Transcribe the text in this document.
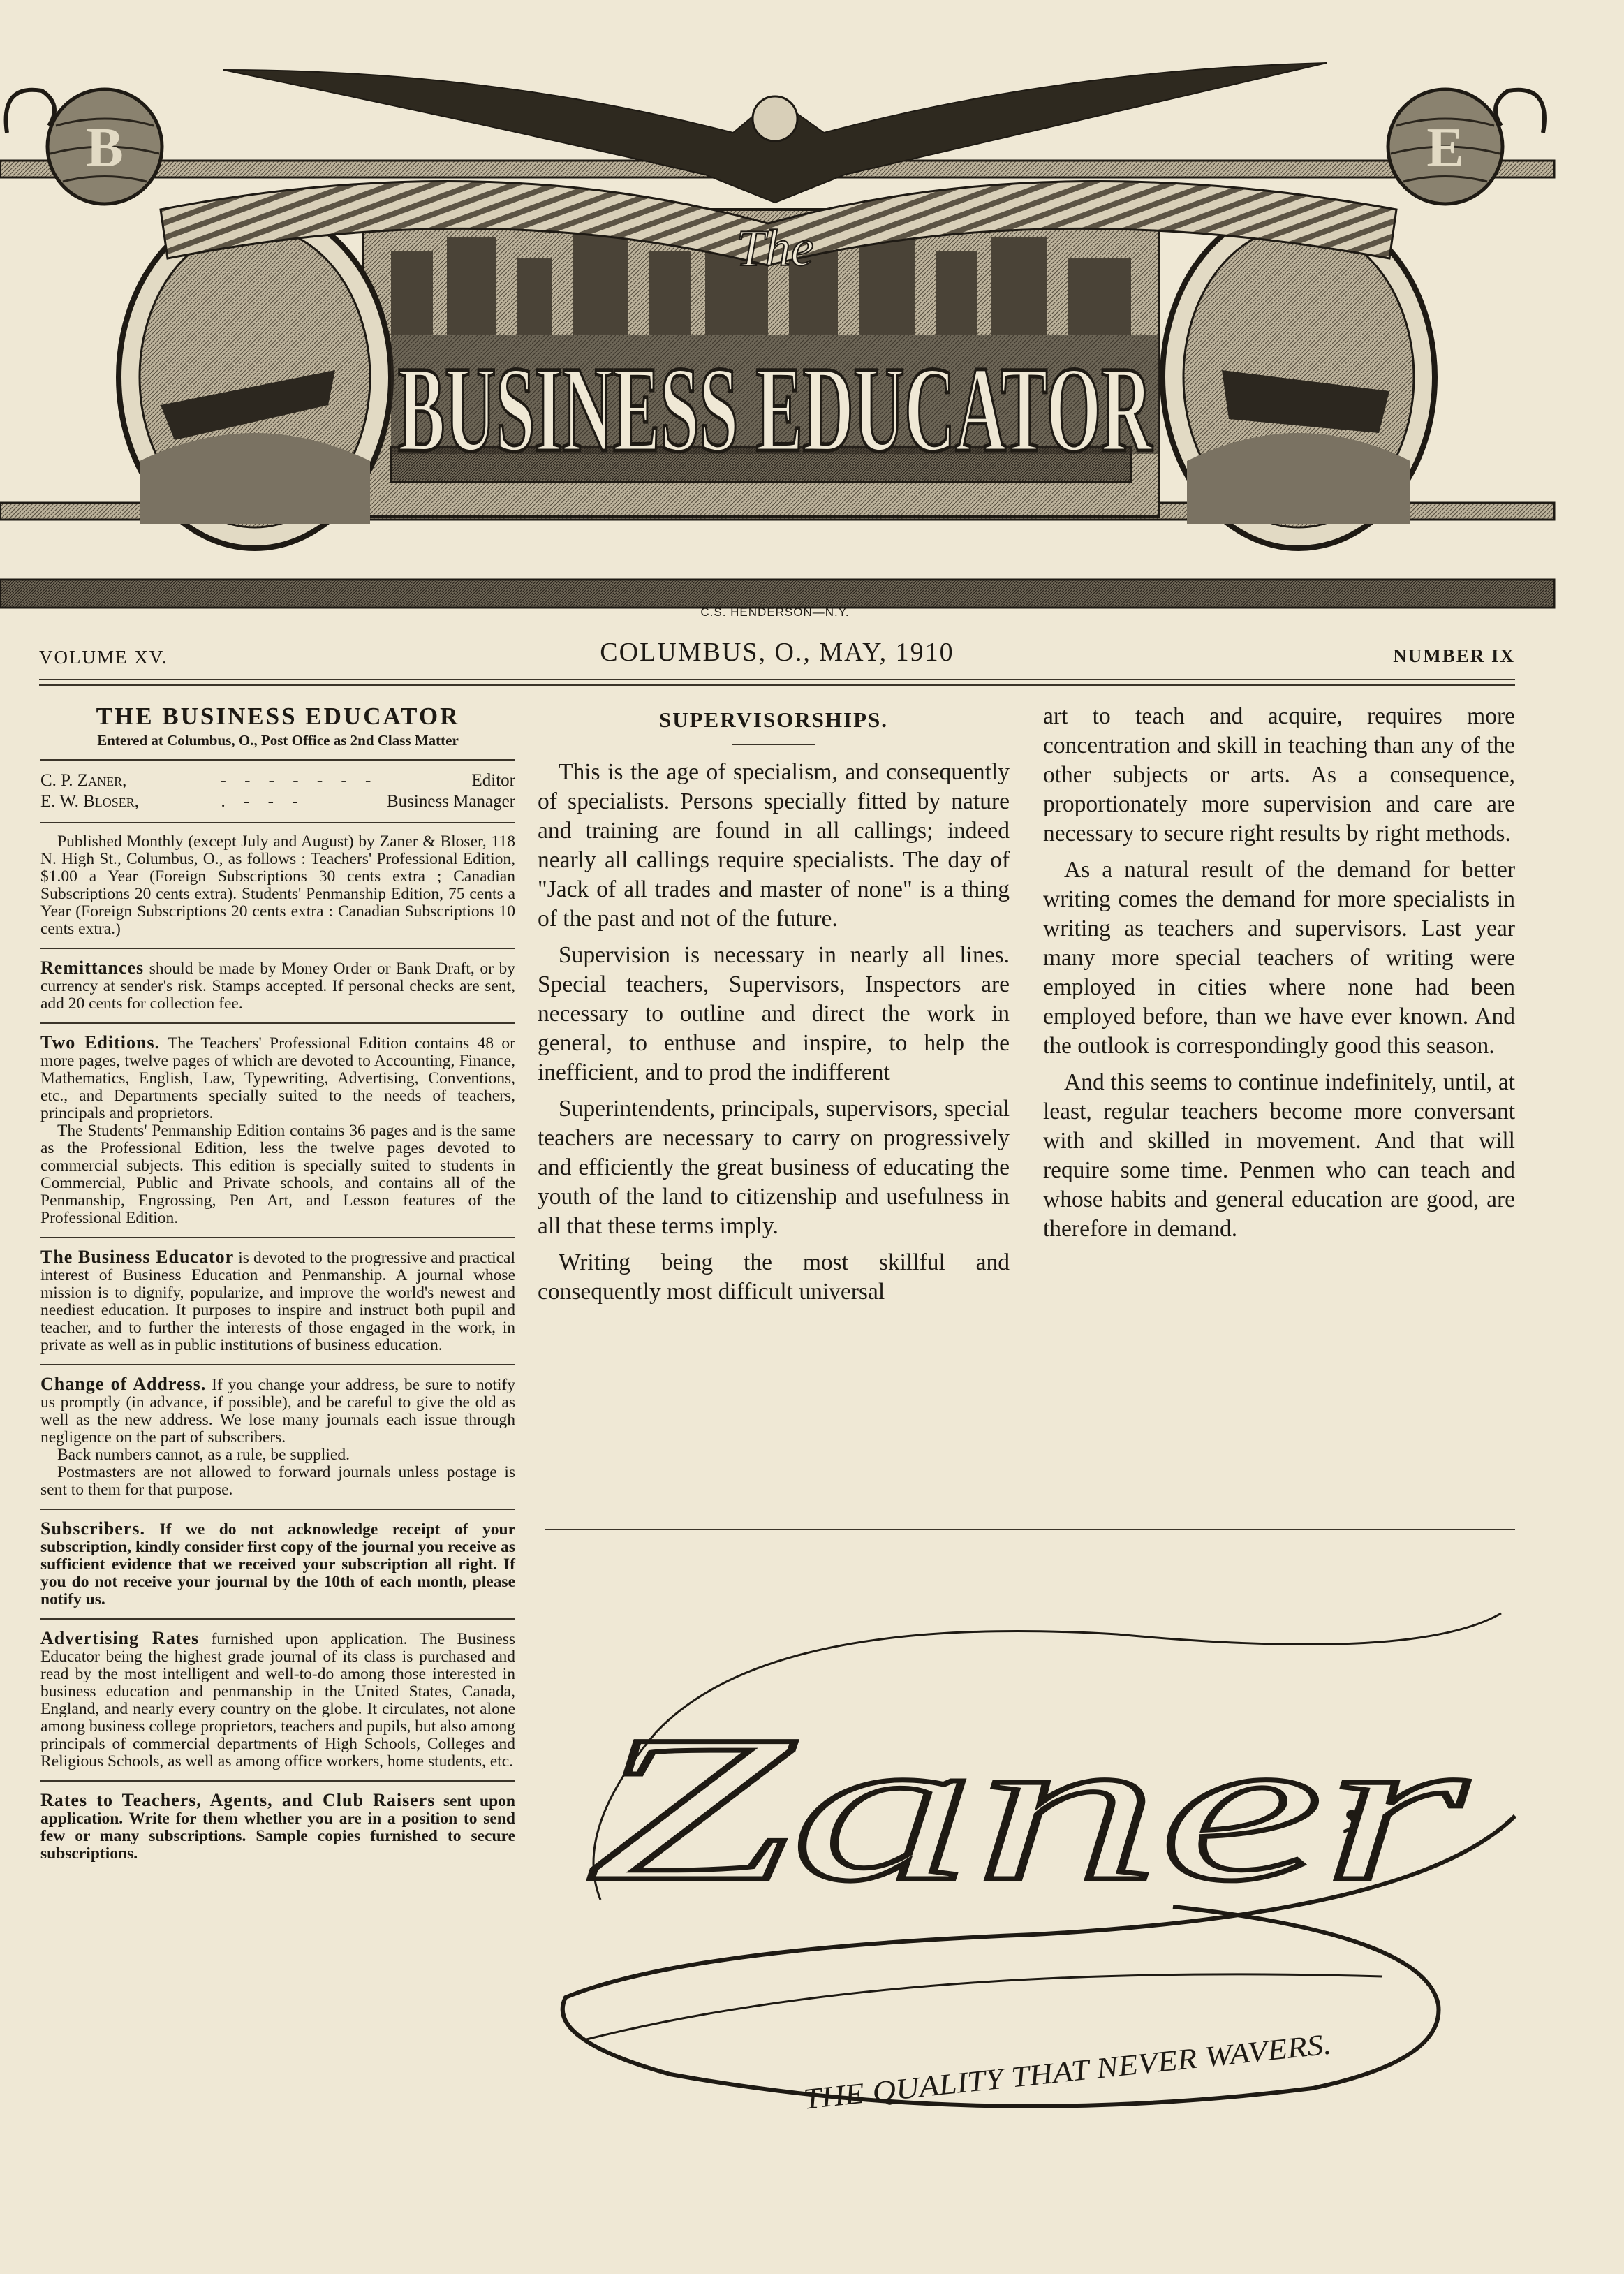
B	E
The
BUSINESS EDUCATOR
C.S. HENDERSON—N.Y.
VOLUME XV.	COLUMBUS, O., MAY, 1910	NUMBER IX
THE BUSINESS EDUCATOR
Entered at Columbus, O., Post Office as 2nd Class Matter
C. P. Zaner,	- - - - - - -	Editor
E. W. Bloser,	. - - -	Business Manager

Published Monthly (except July and August) by Zaner & Bloser, 118 N. High St., Columbus, O., as follows : Teachers' Professional Edition, $1.00 a Year (Foreign Subscriptions 30 cents extra ; Canadian Subscriptions 20 cents extra). Students' Penmanship Edition, 75 cents a Year (Foreign Subscriptions 20 cents extra : Canadian Subscriptions 10 cents extra.)

Remittances should be made by Money Order or Bank Draft, or by currency at sender's risk. Stamps accepted. If personal checks are sent, add 20 cents for collection fee.

Two Editions. The Teachers' Professional Edition contains 48 or more pages, twelve pages of which are devoted to Accounting, Finance, Mathematics, English, Law, Typewriting, Advertising, Conventions, etc., and Departments specially suited to the needs of teachers, principals and proprietors.
The Students' Penmanship Edition contains 36 pages and is the same as the Professional Edition, less the twelve pages devoted to commercial subjects. This edition is specially suited to students in Commercial, Public and Private schools, and contains all of the Penmanship, Engrossing, Pen Art, and Lesson features of the Professional Edition.

The Business Educator is devoted to the progressive and practical interest of Business Education and Penmanship. A journal whose mission is to dignify, popularize, and improve the world's newest and neediest education. It purposes to inspire and instruct both pupil and teacher, and to further the interests of those engaged in the work, in private as well as in public institutions of business education.

Change of Address. If you change your address, be sure to notify us promptly (in advance, if possible), and be careful to give the old as well as the new address. We lose many journals each issue through negligence on the part of subscribers.
Back numbers cannot, as a rule, be supplied.
Postmasters are not allowed to forward journals unless postage is sent to them for that purpose.

Subscribers. If we do not acknowledge receipt of your subscription, kindly consider first copy of the journal you receive as sufficient evidence that we received your subscription all right. If you do not receive your journal by the 10th of each month, please notify us.

Advertising Rates furnished upon application. The Business Educator being the highest grade journal of its class is purchased and read by the most intelligent and well-to-do among those interested in business education and penmanship in the United States, Canada, England, and nearly every country on the globe. It circulates, not alone among business college proprietors, teachers and pupils, but also among principals of commercial departments of High Schools, Colleges and Religious Schools, as well as among office workers, home students, etc.

Rates to Teachers, Agents, and Club Raisers sent upon application. Write for them whether you are in a position to send few or many subscriptions. Sample copies furnished to secure subscriptions.

SUPERVISORSHIPS.

This is the age of specialism, and consequently of specialists. Persons specially fitted by nature and training are found in all callings; indeed nearly all callings require specialists. The day of "Jack of all trades and master of none" is a thing of the past and not of the future.

Supervision is necessary in nearly all lines. Special teachers, Supervisors, Inspectors are necessary to outline and direct the work in general, to enthuse and inspire, to help the inefficient, and to prod the indifferent

Superintendents, principals, supervisors, special teachers are necessary to carry on progressively and efficiently the great business of educating the youth of the land to citizenship and usefulness in all that these terms imply.

Writing being the most skillful and consequently most difficult universal

art to teach and acquire, requires more concentration and skill in teaching than any of the other subjects or arts. As a consequence, proportionately more supervision and care are necessary to secure right results by right methods.

As a natural result of the demand for better writing comes the demand for more specialists in writing as teachers and supervisors. Last year many more special teachers of writing were employed in cities where none had been employed before, than we have ever known. And the outlook is correspondingly good this season.

And this seems to continue indefinitely, until, at least, regular teachers become more conversant with and skilled in movement. And that will require some time. Penmen who can teach and whose habits and general education are good, are therefore in demand.

Zaner
,
THE QUALITY THAT NEVER WAVERS.
